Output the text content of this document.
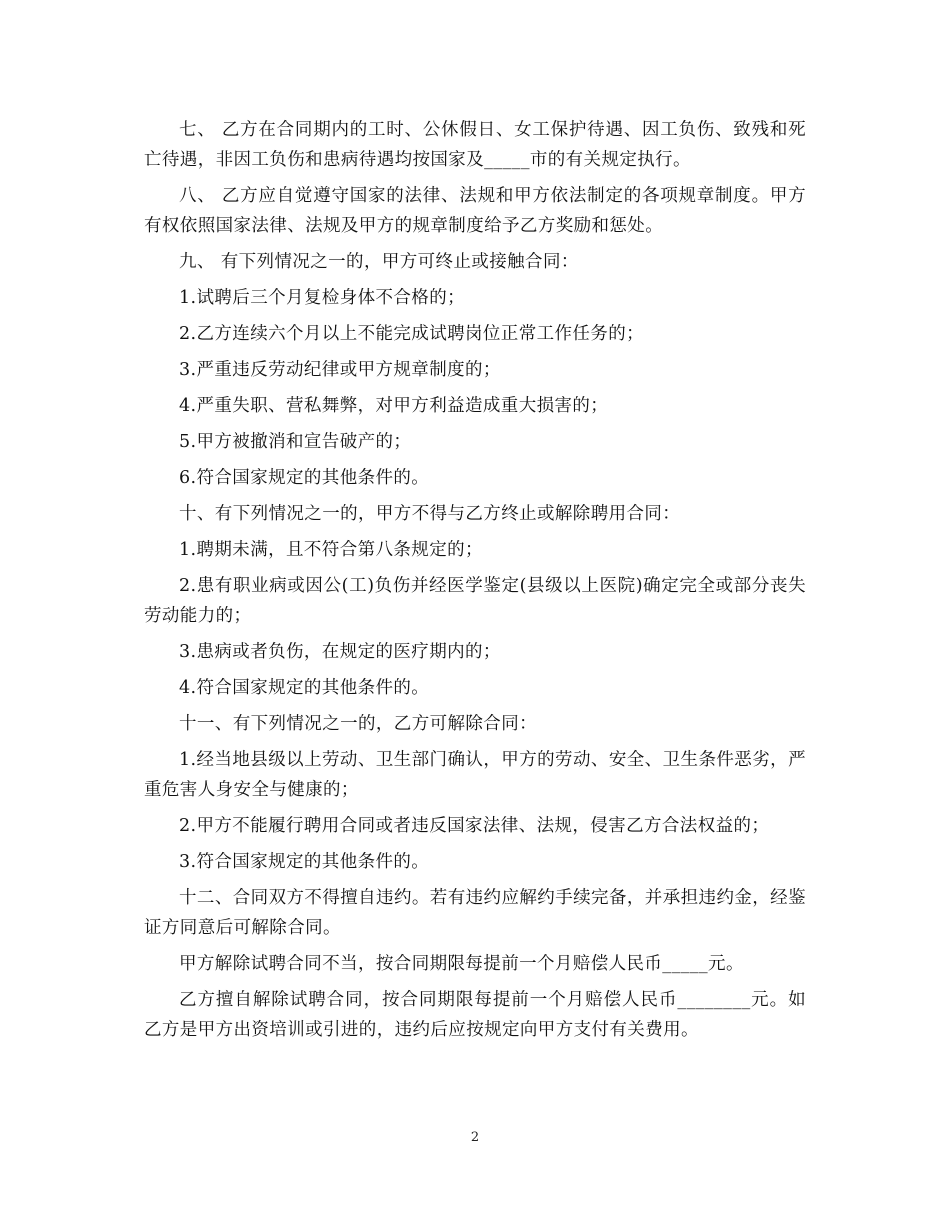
七、 乙方在合同期内的工时、公休假日、女工保护待遇、因工负伤、致残和死亡待遇，非因工负伤和患病待遇均按国家及_____市的有关规定执行。

八、 乙方应自觉遵守国家的法律、法规和甲方依法制定的各项规章制度。甲方有权依照国家法律、法规及甲方的规章制度给予乙方奖励和惩处。

九、 有下列情况之一的，甲方可终止或接触合同：

1.试聘后三个月复检身体不合格的；

2.乙方连续六个月以上不能完成试聘岗位正常工作任务的；

3.严重违反劳动纪律或甲方规章制度的；

4.严重失职、营私舞弊，对甲方利益造成重大损害的；

5.甲方被撤消和宣告破产的；

6.符合国家规定的其他条件的。

十、有下列情况之一的，甲方不得与乙方终止或解除聘用合同：

1.聘期未满，且不符合第八条规定的；

2.患有职业病或因公(工)负伤并经医学鉴定(县级以上医院)确定完全或部分丧失劳动能力的；

3.患病或者负伤，在规定的医疗期内的；

4.符合国家规定的其他条件的。

十一、有下列情况之一的，乙方可解除合同：

1.经当地县级以上劳动、卫生部门确认，甲方的劳动、安全、卫生条件恶劣，严重危害人身安全与健康的；

2.甲方不能履行聘用合同或者违反国家法律、法规，侵害乙方合法权益的；

3.符合国家规定的其他条件的。

十二、合同双方不得擅自违约。若有违约应解约手续完备，并承担违约金，经鉴证方同意后可解除合同。

甲方解除试聘合同不当，按合同期限每提前一个月赔偿人民币_____元。

乙方擅自解除试聘合同，按合同期限每提前一个月赔偿人民币________元。如乙方是甲方出资培训或引进的，违约后应按规定向甲方支付有关费用。

2
